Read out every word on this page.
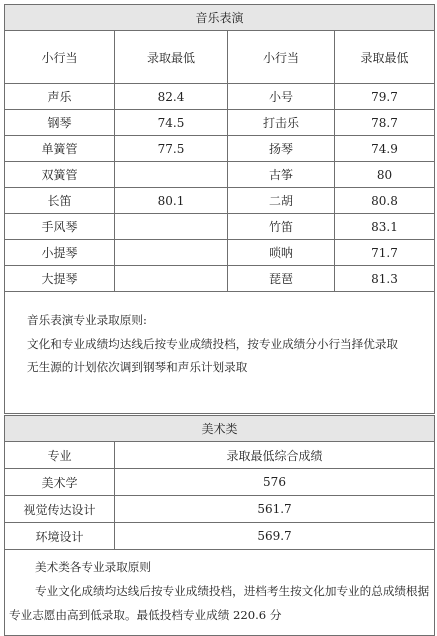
音乐表演			
小行当	录取最低	小行当	录取最低
声乐	82.4	小号	79.7
钢琴	74.5	打击乐	78.7
单簧管	77.5	扬琴	74.9
双簧管		古筝	80
长笛	80.1	二胡	80.8
手风琴		竹笛	83.1
小提琴		唢呐	71.7
大提琴		琵琶	81.3

音乐表演专业录取原则:
文化和专业成绩均达线后按专业成绩投档，按专业成绩分小行当择优录取
无生源的计划依次调到钢琴和声乐计划录取			
美术类	
专业	录取最低综合成绩
美术学	576
视觉传达设计	561.7
环境设计	569.7

美术类各专业录取原则
专业文化成绩均达线后按专业成绩投档，进档考生按文化加专业的总成绩根据
专业志愿由高到低录取。最低投档专业成绩 220.6 分	
